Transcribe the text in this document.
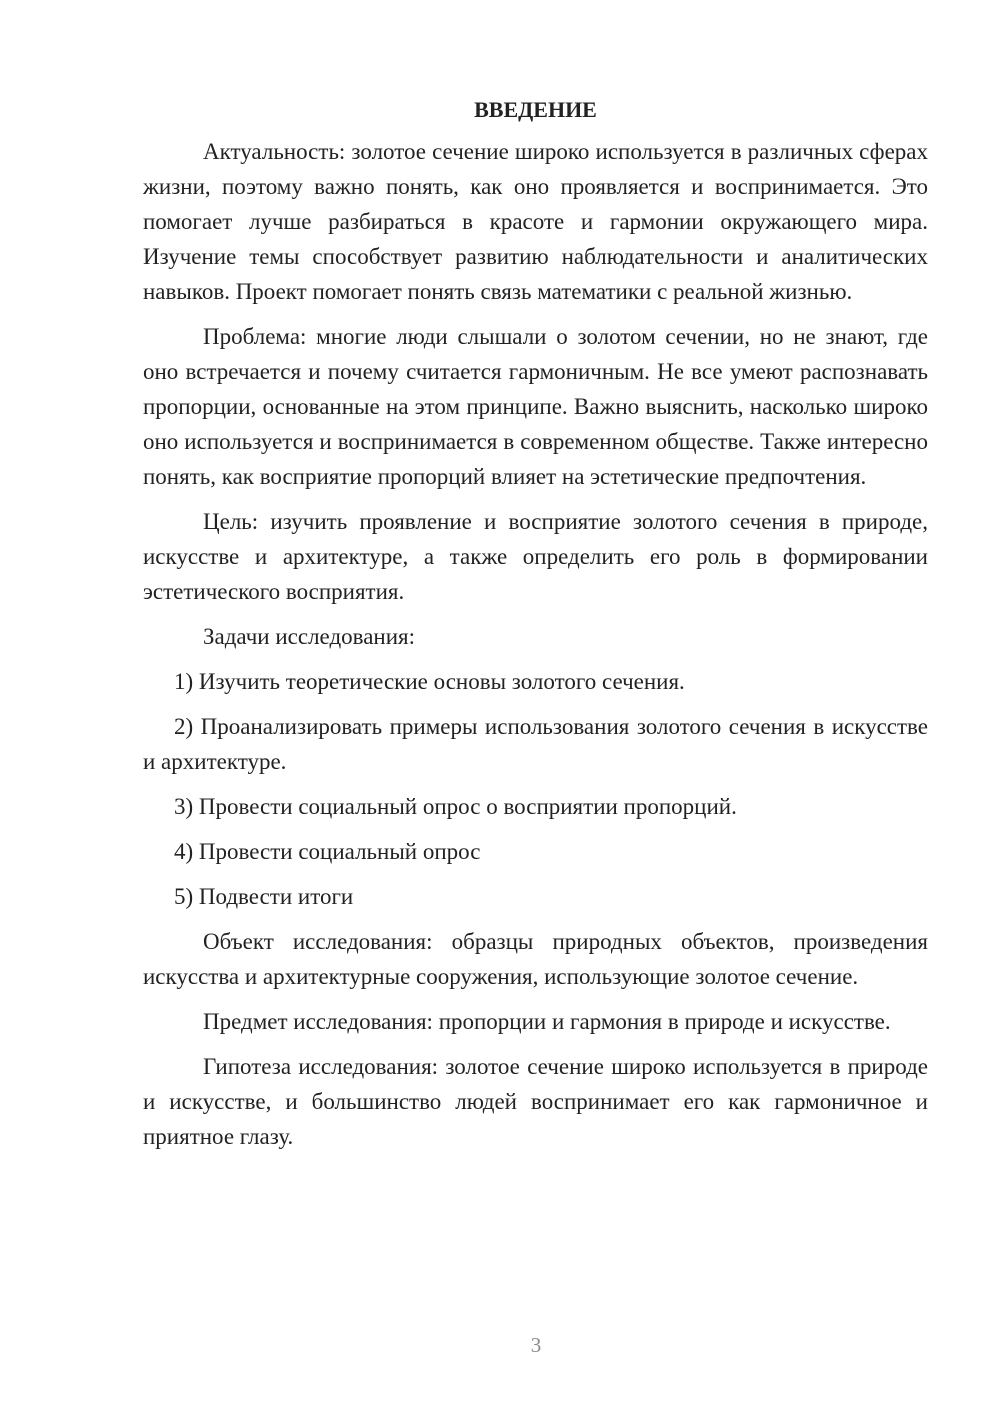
ВВЕДЕНИЕ

Актуальность: золотое сечение широко используется в различных сферах жизни, поэтому важно понять, как оно проявляется и воспринимается. Это помогает лучше разбираться в красоте и гармонии окружающего мира. Изучение темы способствует развитию наблюдательности и аналитических навыков. Проект помогает понять связь математики с реальной жизнью.

Проблема: многие люди слышали о золотом сечении, но не знают, где оно встречается и почему считается гармоничным. Не все умеют распознавать пропорции, основанные на этом принципе. Важно выяснить, насколько широко оно используется и воспринимается в современном обществе. Также интересно понять, как восприятие пропорций влияет на эстетические предпочтения.

Цель: изучить проявление и восприятие золотого сечения в природе, искусстве и архитектуре, а также определить его роль в формировании эстетического восприятия.

Задачи исследования:

1) Изучить теоретические основы золотого сечения.

2) Проанализировать примеры использования золотого сечения в искусстве и архитектуре.

3) Провести социальный опрос о восприятии пропорций.

4) Провести социальный опрос

5) Подвести итоги

Объект исследования: образцы природных объектов, произведения искусства и архитектурные сооружения, использующие золотое сечение.

Предмет исследования: пропорции и гармония в природе и искусстве.

Гипотеза исследования: золотое сечение широко используется в природе и искусстве, и большинство людей воспринимает его как гармоничное и приятное глазу.

3
